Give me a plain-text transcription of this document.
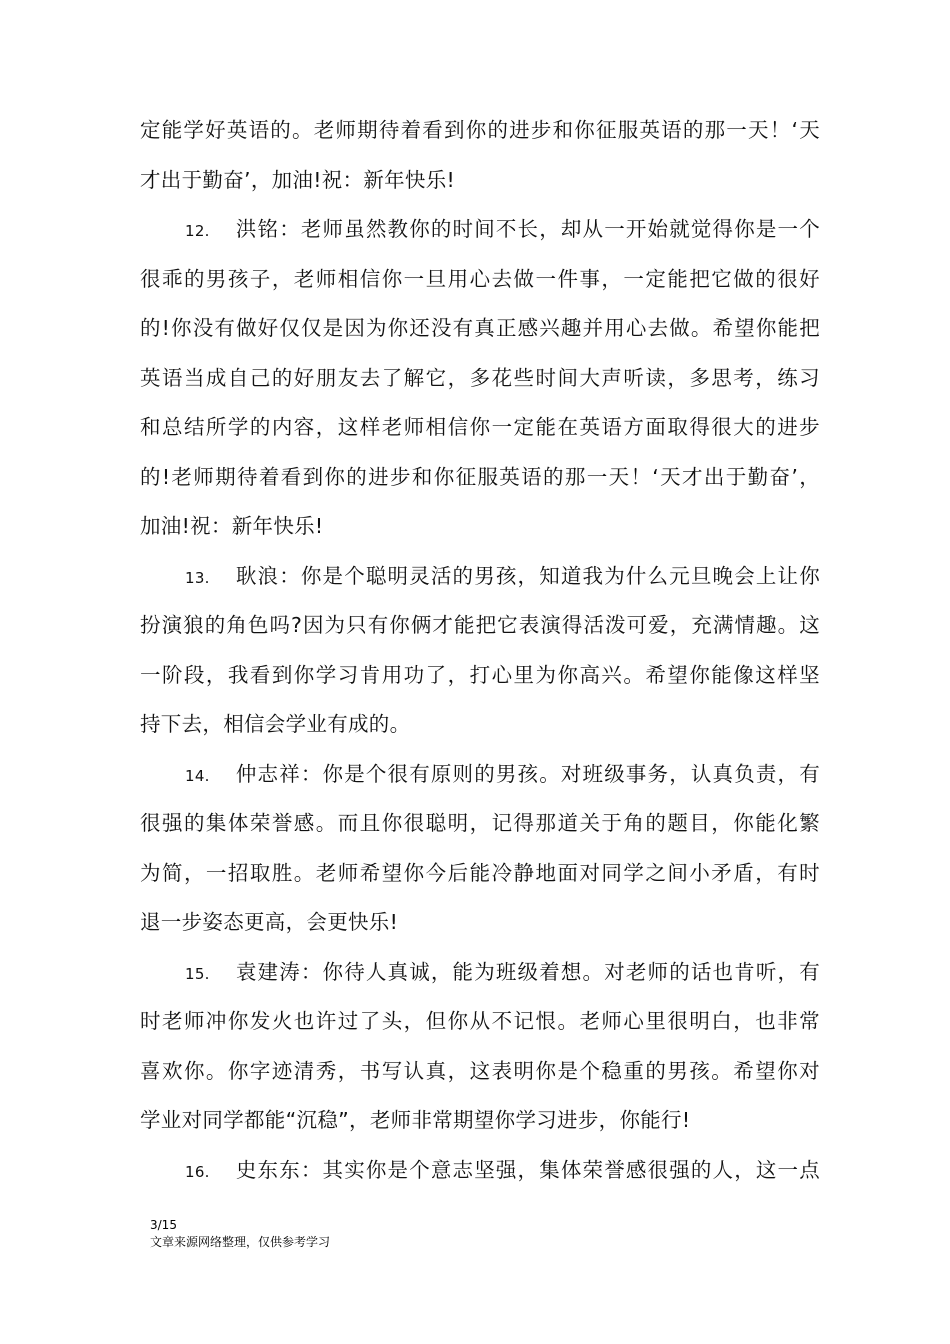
定能学好英语的。老师期待着看到你的进步和你征服英语的那一天！‘天
才出于勤奋’，加油!祝：新年快乐!
12. 洪铭：老师虽然教你的时间不长，却从一开始就觉得你是一个
很乖的男孩子，老师相信你一旦用心去做一件事，一定能把它做的很好
的!你没有做好仅仅是因为你还没有真正感兴趣并用心去做。希望你能把
英语当成自己的好朋友去了解它，多花些时间大声听读，多思考，练习
和总结所学的内容，这样老师相信你一定能在英语方面取得很大的进步
的!老师期待着看到你的进步和你征服英语的那一天！‘天才出于勤奋’，
加油!祝：新年快乐!
13. 耿浪：你是个聪明灵活的男孩，知道我为什么元旦晚会上让你
扮演狼的角色吗?因为只有你俩才能把它表演得活泼可爱，充满情趣。这
一阶段，我看到你学习肯用功了，打心里为你高兴。希望你能像这样坚
持下去，相信会学业有成的。
14. 仲志祥：你是个很有原则的男孩。对班级事务，认真负责，有
很强的集体荣誉感。而且你很聪明，记得那道关于角的题目，你能化繁
为简，一招取胜。老师希望你今后能冷静地面对同学之间小矛盾，有时
退一步姿态更高，会更快乐!
15. 袁建涛：你待人真诚，能为班级着想。对老师的话也肯听，有
时老师冲你发火也许过了头，但你从不记恨。老师心里很明白，也非常
喜欢你。你字迹清秀，书写认真，这表明你是个稳重的男孩。希望你对
学业对同学都能“沉稳”，老师非常期望你学习进步，你能行!
16. 史东东：其实你是个意志坚强，集体荣誉感很强的人，这一点
3/15
文章来源网络整理，仅供参考学习
